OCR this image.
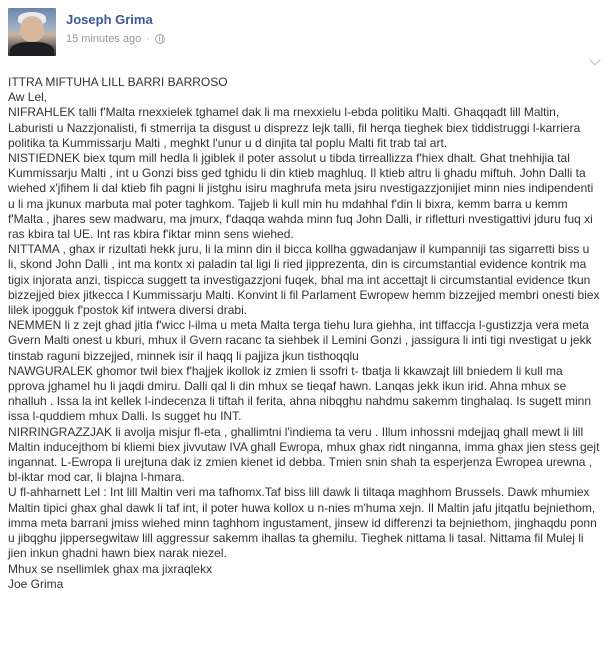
Joseph Grima
15 minutes ago ·

ITTRA MIFTUHA LILL BARRI BARROSO

Aw Lel,

NIFRAHLEK talli f'Malta rnexxielek tghamel dak li ma rnexxielu l-ebda politiku Malti. Ghaqqadt lill Maltin, Laburisti u Nazzjonalisti, fi stmerrija ta disgust u disprezz lejk talli, fil herqa tieghek biex tiddistruggi l-karriera politika ta Kummissarju Malti , meghkt l'unur u d dinjita tal poplu Malti fit trab tal art.

NISTIEDNEK biex tqum mill hedla li jgiblek il poter assolut u tibda tirreallizza f'hiex dhalt. Ghat tnehhijia tal Kummissarju Malti , int u Gonzi biss ged tghidu li din ktieb maghluq. Il ktieb altru li ghadu miftuh. John Dalli ta wiehed x'jfihem li dal ktieb fih pagni li jistghu isiru maghrufa meta jsiru nvestigazzjonijiet minn nies indipendenti u li ma jkunux marbuta mal poter taghkom. Tajjeb li kull min hu mdahhal f'din li bixra, kemm barra u kemm f'Malta , jhares sew madwaru, ma jmurx, f'daqqa wahda minn fuq John Dalli, ir rifletturi nvestigattivi jduru fuq xi ras kbira tal UE. Int ras kbira f'iktar minn sens wiehed.

NITTAMA , ghax ir rizultati hekk juru, li la minn din il bicca kollha ggwadanjaw il kumpanniji tas sigarretti biss u li, skond John Dalli , int ma kontx xi paladin tal ligi li ried jipprezenta, din is circumstantial evidence kontrik ma tigix injorata anzi, tispicca suggett ta investigazzjoni fuqek, bhal ma int accettajt li circumstantial evidence tkun bizzejjed biex jitkecca l Kummissarju Malti. Konvint li fil Parlament Ewropew hemm bizzejjed membri onesti biex lilek ipogguk f'postok kif intwera diversi drabi.

NEMMEN li z zejt ghad jitla f'wicc l-ilma u meta Malta terga tiehu lura giehha, int tiffaccja l-gustizzja vera meta Gvern Malti onest u kburi, mhux il Gvern racanc ta siehbek il Lemini Gonzi , jassigura li inti tigi nvestigat u jekk tinstab raguni bizzejjed, minnek isir il haqq li pajjiza jkun tisthoqqlu

NAWGURALEK ghomor twil biex f'hajjek ikollok iz zmien li ssofri t- tbatja li kkawzajt lill bniedem li kull ma pprova jghamel hu li jaqdi dmiru. Dalli qal li din mhux se tieqaf hawn. Lanqas jekk ikun irid. Ahna mhux se nhalluh . Issa la int kellek l-indecenza li tiftah il ferita, ahna nibqghu nahdmu sakemm tinghalaq. Is sugett minn issa l-quddiem mhux Dalli. Is sugget hu INT.

NIRRINGRAZZJAK li avolja misjur fl-eta , ghallimtni l'indiema ta veru . Illum inhossni mdejjaq ghall mewt li lill Maltin inducejthom bi kliemi biex jivvutaw IVA ghall Ewropa, mhux ghax ridt ninganna, imma ghax jien stess gejt ingannat. L-Ewropa li urejtuna dak iz zmien kienet id debba. Tmien snin shah ta esperjenza Ewropea urewna , bl-iktar mod car, li blajna l-hmara.

U fl-ahharnett Lel : Int lill Maltin veri ma tafhomx.Taf biss lill dawk li tiltaqa maghhom Brussels. Dawk mhumiex Maltin tipici ghax ghal dawk li taf int, il poter huwa kollox u n-nies m'huma xejn. Il Maltin jafu jitqatlu bejniethom, imma meta barrani jmiss wiehed minn taghhom ingustament, jinsew id differenzi ta bejniethom, jinghaqdu ponn u jibqghu jippersegwitaw lill aggressur sakemm ihallas ta ghemilu. Tieghek nittama li tasal. Nittama fil Mulej li jien inkun ghadni hawn biex narak niezel.

Mhux se nsellimlek ghax ma jixraqlekx

Joe Grima
